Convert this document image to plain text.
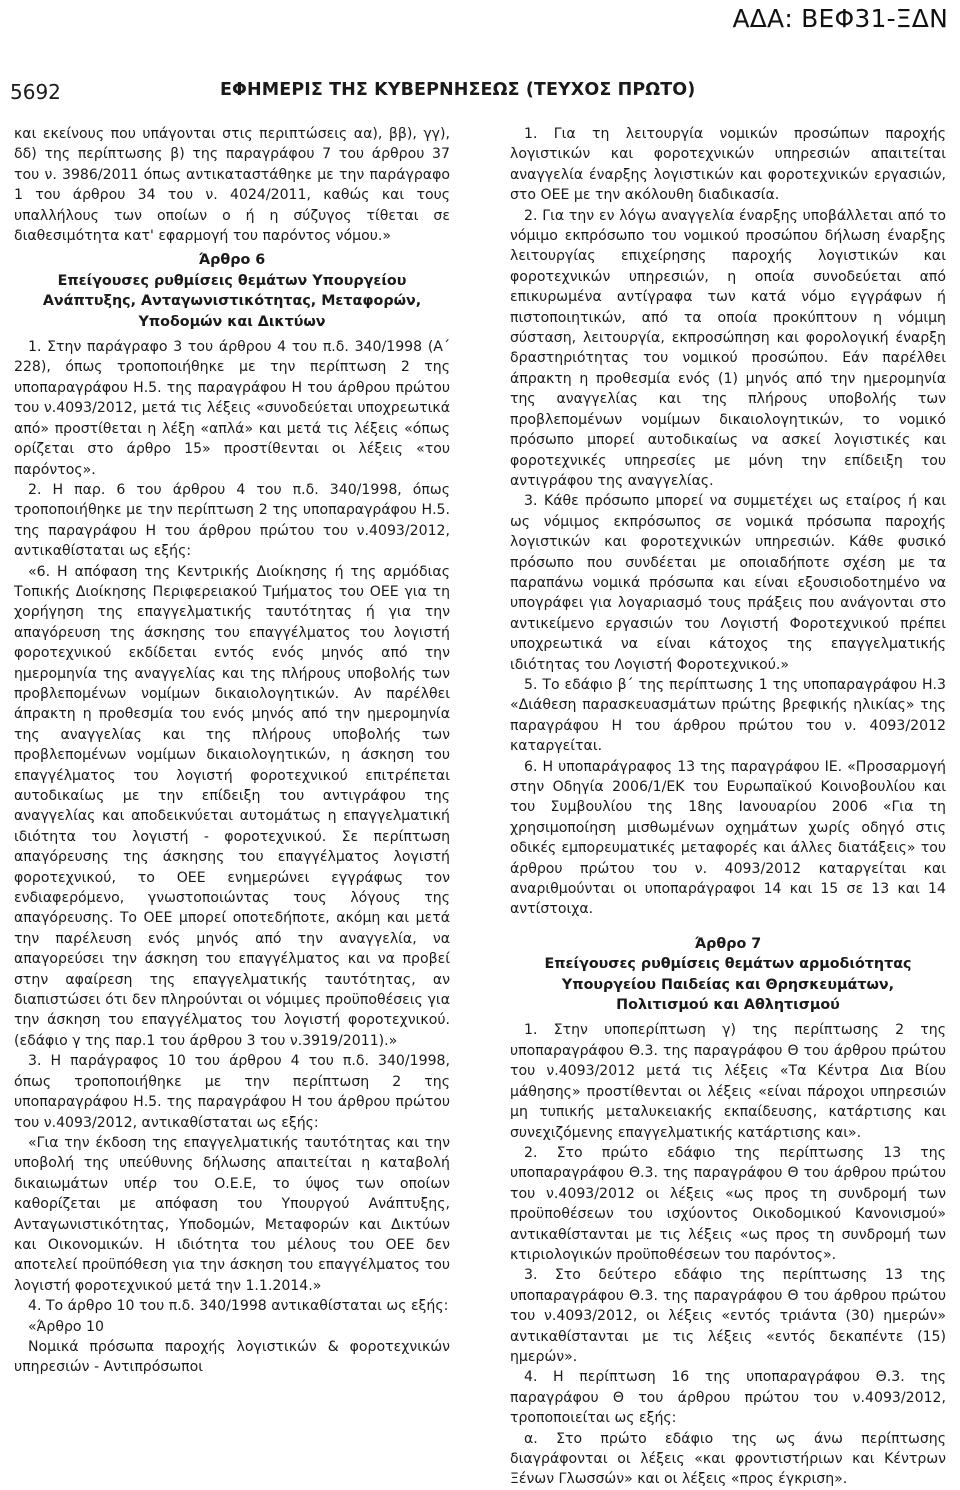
ΑΔΑ: ΒΕΦ31-ΞΔΝ
5692	ΕΦΗΜΕΡΙΣ ΤΗΣ ΚΥΒΕΡΝΗΣΕΩΣ (ΤΕΥΧΟΣ ΠΡΩΤΟ)

και εκείνους που υπάγονται στις περιπτώσεις αα), ββ), γγ), δδ) της περίπτωσης β) της παραγράφου 7 του άρθρου 37 του ν. 3986/2011 όπως αντικαταστάθηκε με την παράγραφο 1 του άρθρου 34 του ν. 4024/2011, καθώς και τους υπαλλήλους των οποίων ο ή η σύζυγος τίθεται σε διαθεσιμότητα κατ' εφαρμογή του παρόντος νόμου.»

Άρθρο 6
Επείγουσες ρυθμίσεις θεμάτων Υπουργείου
Ανάπτυξης, Ανταγωνιστικότητας, Μεταφορών,
Υποδομών και Δικτύων

1. Στην παράγραφο 3 του άρθρου 4 του π.δ. 340/1998 (Α΄ 228), όπως τροποποιήθηκε με την περίπτωση 2 της υποπαραγράφου Η.5. της παραγράφου Η του άρθρου πρώτου του ν.4093/2012, μετά τις λέξεις «συνοδεύεται υποχρεωτικά από» προστίθεται η λέξη «απλά» και μετά τις λέξεις «όπως ορίζεται στο άρθρο 15» προστίθενται οι λέξεις «του παρόντος».

2. Η παρ. 6 του άρθρου 4 του π.δ. 340/1998, όπως τροποποιήθηκε με την περίπτωση 2 της υποπαραγράφου Η.5. της παραγράφου Η του άρθρου πρώτου του ν.4093/2012, αντικαθίσταται ως εξής:

«6. Η απόφαση της Κεντρικής Διοίκησης ή της αρμόδιας Τοπικής Διοίκησης Περιφερειακού Τμήματος του ΟΕΕ για τη χορήγηση της επαγγελματικής ταυτότητας ή για την απαγόρευση της άσκησης του επαγγέλματος του λογιστή φοροτεχνικού εκδίδεται εντός ενός μηνός από την ημερομηνία της αναγγελίας και της πλήρους υποβολής των προβλεπομένων νομίμων δικαιολογητικών. Αν παρέλθει άπρακτη η προθεσμία του ενός μηνός από την ημερομηνία της αναγγελίας και της πλήρους υποβολής των προβλεπομένων νομίμων δικαιολογητικών, η άσκηση του επαγγέλματος του λογιστή φοροτεχνικού επιτρέπεται αυτοδικαίως με την επίδειξη του αντιγράφου της αναγγελίας και αποδεικνύεται αυτομάτως η επαγγελματική ιδιότητα του λογιστή - φοροτεχνικού. Σε περίπτωση απαγόρευσης της άσκησης του επαγγέλματος λογιστή φοροτεχνικού, το ΟΕΕ ενημερώνει εγγράφως τον ενδιαφερόμενο, γνωστοποιώντας τους λόγους της απαγόρευσης. Το ΟΕΕ μπορεί οποτεδήποτε, ακόμη και μετά την παρέλευση ενός μηνός από την αναγγελία, να απαγορεύσει την άσκηση του επαγγέλματος και να προβεί στην αφαίρεση της επαγγελματικής ταυτότητας, αν διαπιστώσει ότι δεν πληρούνται οι νόμιμες προϋποθέσεις για την άσκηση του επαγγέλματος του λογιστή φοροτεχνικού. (εδάφιο γ της παρ.1 του άρθρου 3 του ν.3919/2011).»

3. Η παράγραφος 10 του άρθρου 4 του π.δ. 340/1998, όπως τροποποιήθηκε με την περίπτωση 2 της υποπαραγράφου Η.5. της παραγράφου Η του άρθρου πρώτου του ν.4093/2012, αντικαθίσταται ως εξής:

«Για την έκδοση της επαγγελματικής ταυτότητας και την υποβολή της υπεύθυνης δήλωσης απαιτείται η καταβολή δικαιωμάτων υπέρ του Ο.Ε.Ε, το ύψος των οποίων καθορίζεται με απόφαση του Υπουργού Ανάπτυξης, Ανταγωνιστικότητας, Υποδομών, Μεταφορών και Δικτύων και Οικονομικών. Η ιδιότητα του μέλους του ΟΕΕ δεν αποτελεί προϋπόθεση για την άσκηση του επαγγέλματος του λογιστή φοροτεχνικού μετά την 1.1.2014.»

4. Το άρθρο 10 του π.δ. 340/1998 αντικαθίσταται ως εξής:

«Άρθρο 10

Νομικά πρόσωπα παροχής λογιστικών & φοροτεχνικών υπηρεσιών - Αντιπρόσωποι

1. Για τη λειτουργία νομικών προσώπων παροχής λογιστικών και φοροτεχνικών υπηρεσιών απαιτείται αναγγελία έναρξης λογιστικών και φοροτεχνικών εργασιών, στο ΟΕΕ με την ακόλουθη διαδικασία.

2. Για την εν λόγω αναγγελία έναρξης υποβάλλεται από το νόμιμο εκπρόσωπο του νομικού προσώπου δήλωση έναρξης λειτουργίας επιχείρησης παροχής λογιστικών και φοροτεχνικών υπηρεσιών, η οποία συνοδεύεται από επικυρωμένα αντίγραφα των κατά νόμο εγγράφων ή πιστοποιητικών, από τα οποία προκύπτουν η νόμιμη σύσταση, λειτουργία, εκπροσώπηση και φορολογική έναρξη δραστηριότητας του νομικού προσώπου. Εάν παρέλθει άπρακτη η προθεσμία ενός (1) μηνός από την ημερομηνία της αναγγελίας και της πλήρους υποβολής των προβλεπομένων νομίμων δικαιολογητικών, το νομικό πρόσωπο μπορεί αυτοδικαίως να ασκεί λογιστικές και φοροτεχνικές υπηρεσίες με μόνη την επίδειξη του αντιγράφου της αναγγελίας.

3. Κάθε πρόσωπο μπορεί να συμμετέχει ως εταίρος ή και ως νόμιμος εκπρόσωπος σε νομικά πρόσωπα παροχής λογιστικών και φοροτεχνικών υπηρεσιών. Κάθε φυσικό πρόσωπο που συνδέεται με οποιαδήποτε σχέση με τα παραπάνω νομικά πρόσωπα και είναι εξουσιοδοτημένο να υπογράφει για λογαριασμό τους πράξεις που ανάγονται στο αντικείμενο εργασιών του Λογιστή Φοροτεχνικού πρέπει υποχρεωτικά να είναι κάτοχος της επαγγελματικής ιδιότητας του Λογιστή Φοροτεχνικού.»

5. Το εδάφιο β΄ της περίπτωσης 1 της υποπαραγράφου Η.3 «Διάθεση παρασκευασμάτων πρώτης βρεφικής ηλικίας» της παραγράφου Η του άρθρου πρώτου του ν. 4093/2012 καταργείται.

6. Η υποπαράγραφος 13 της παραγράφου ΙΕ. «Προσαρμογή στην Οδηγία 2006/1/ΕΚ του Ευρωπαϊκού Κοινοβουλίου και του Συμβουλίου της 18ης Ιανουαρίου 2006 «Για τη χρησιμοποίηση μισθωμένων οχημάτων χωρίς οδηγό στις οδικές εμπορευματικές μεταφορές και άλλες διατάξεις» του άρθρου πρώτου του ν. 4093/2012 καταργείται και αναριθμούνται οι υποπαράγραφοι 14 και 15 σε 13 και 14 αντίστοιχα.

Άρθρο 7
Επείγουσες ρυθμίσεις θεμάτων αρμοδιότητας
Υπουργείου Παιδείας και Θρησκευμάτων,
Πολιτισμού και Αθλητισμού

1. Στην υποπερίπτωση γ) της περίπτωσης 2 της υποπαραγράφου Θ.3. της παραγράφου Θ του άρθρου πρώτου του ν.4093/2012 μετά τις λέξεις «Τα Κέντρα Δια Βίου μάθησης» προστίθενται οι λέξεις «είναι πάροχοι υπηρεσιών μη τυπικής μεταλυκειακής εκπαίδευσης, κατάρτισης και συνεχιζόμενης επαγγελματικής κατάρτισης και».

2. Στο πρώτο εδάφιο της περίπτωσης 13 της υποπαραγράφου Θ.3. της παραγράφου Θ του άρθρου πρώτου του ν.4093/2012 οι λέξεις «ως προς τη συνδρομή των προϋποθέσεων του ισχύοντος Οικοδομικού Κανονισμού» αντικαθίστανται με τις λέξεις «ως προς τη συνδρομή των κτιριολογικών προϋποθέσεων του παρόντος».

3. Στο δεύτερο εδάφιο της περίπτωσης 13 της υποπαραγράφου Θ.3. της παραγράφου Θ του άρθρου πρώτου του ν.4093/2012, οι λέξεις «εντός τριάντα (30) ημερών» αντικαθίστανται με τις λέξεις «εντός δεκαπέντε (15) ημερών».

4. Η περίπτωση 16 της υποπαραγράφου Θ.3. της παραγράφου Θ του άρθρου πρώτου του ν.4093/2012, τροποποιείται ως εξής:

α. Στο πρώτο εδάφιο της ως άνω περίπτωσης διαγράφονται οι λέξεις «και φροντιστήριων και Κέντρων Ξένων Γλωσσών» και οι λέξεις «προς έγκριση».
